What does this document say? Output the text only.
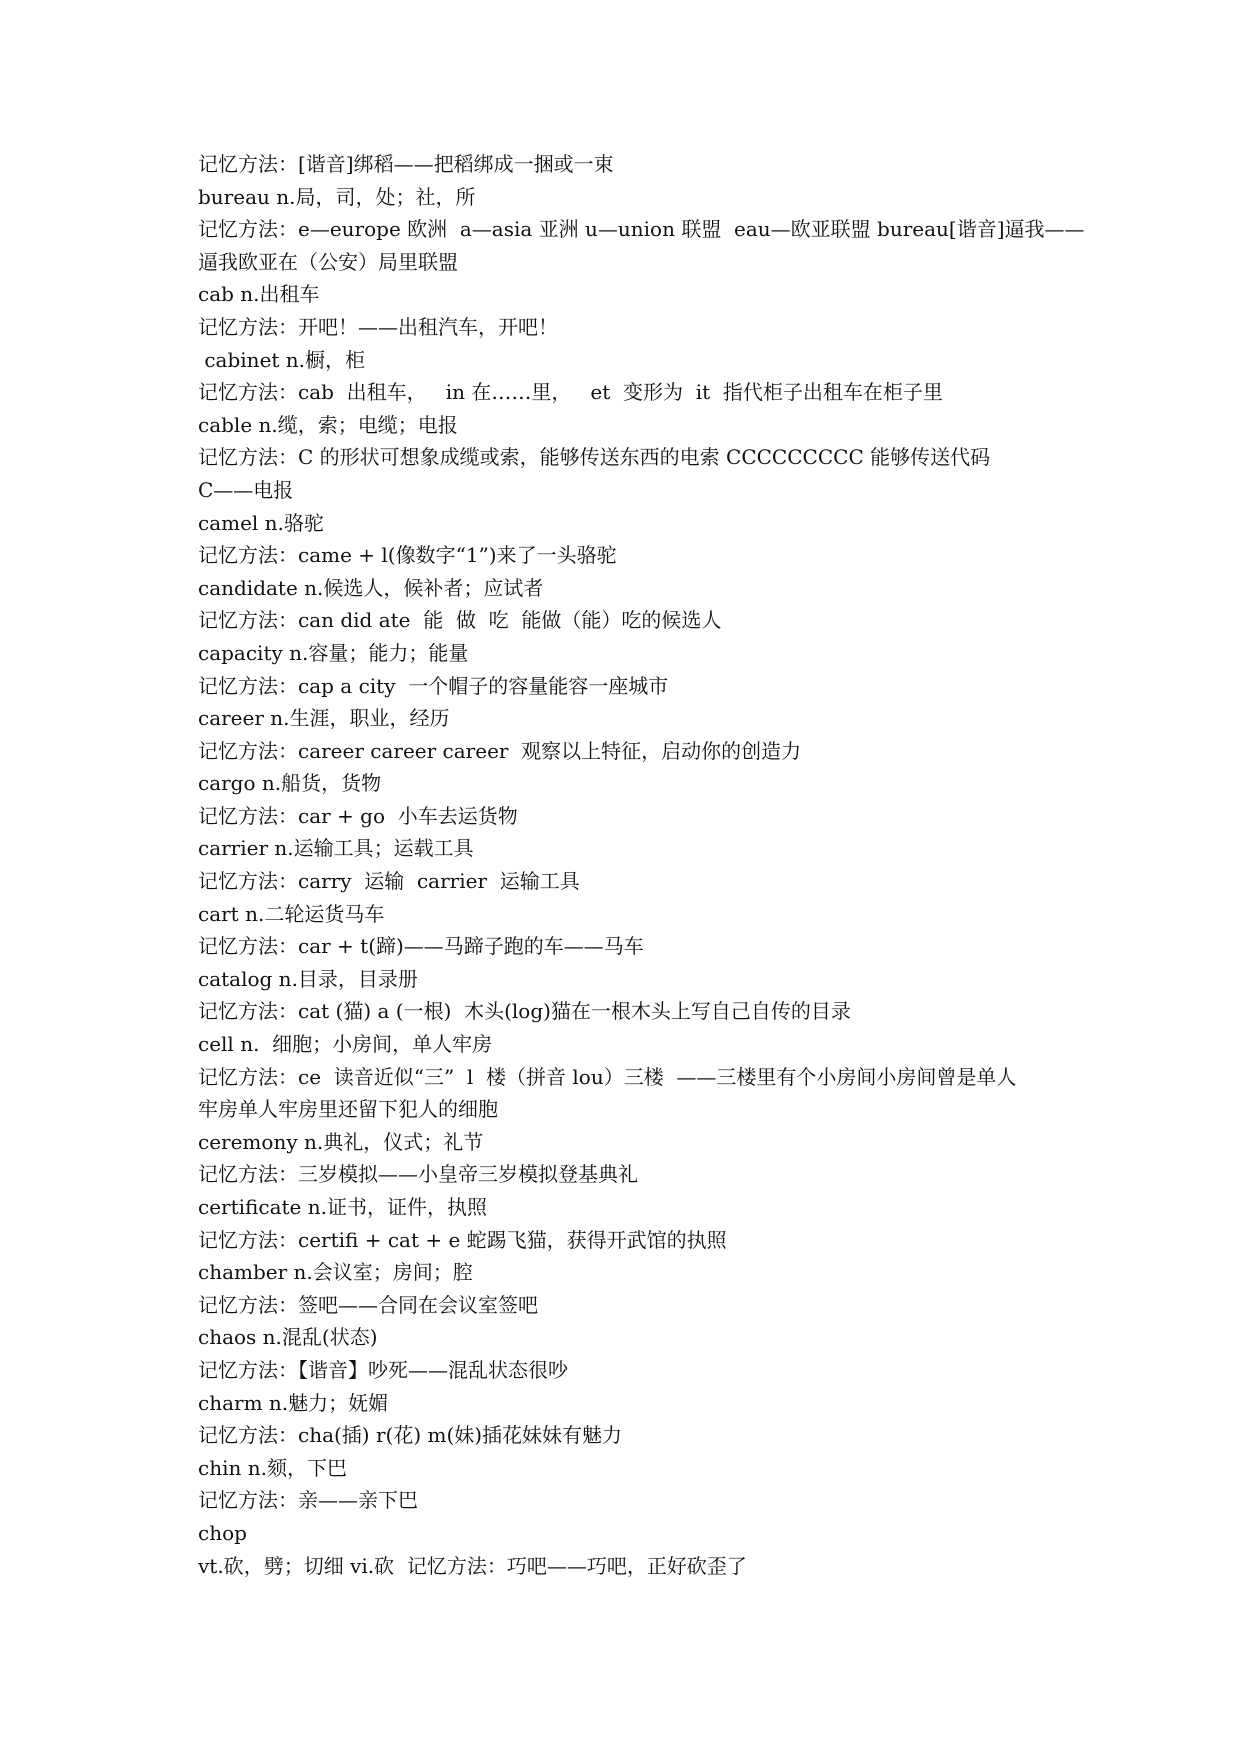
记忆方法：[谐音]绑稻——把稻绑成一捆或一束

bureau n.局，司，处；社，所

记忆方法：e—europe 欧洲  a—asia 亚洲 u—union 联盟  eau—欧亚联盟 bureau[谐音]逼我——

逼我欧亚在（公安）局里联盟

cab n.出租车

记忆方法：开吧！——出租汽车，开吧！

cabinet n.橱，柜

记忆方法：cab  出租车，   in 在……里，   et  变形为  it  指代柜子出租车在柜子里

cable n.缆，索；电缆；电报

记忆方法：C 的形状可想象成缆或索，能够传送东西的电索 CCCCCCCCC 能够传送代码

C——电报

camel n.骆驼

记忆方法：came + l(像数字“1”)来了一头骆驼

candidate n.候选人，候补者；应试者

记忆方法：can did ate  能  做  吃  能做（能）吃的候选人

capacity n.容量；能力；能量

记忆方法：cap a city  一个帽子的容量能容一座城市

career n.生涯，职业，经历

记忆方法：career career career  观察以上特征，启动你的创造力

cargo n.船货，货物

记忆方法：car + go  小车去运货物

carrier n.运输工具；运载工具

记忆方法：carry  运输  carrier  运输工具

cart n.二轮运货马车

记忆方法：car + t(蹄)——马蹄子跑的车——马车

catalog n.目录，目录册

记忆方法：cat (猫) a (一根)  木头(log)猫在一根木头上写自己自传的目录

cell n.  细胞；小房间，单人牢房

记忆方法：ce  读音近似“三”  l  楼（拼音 lou）三楼  ——三楼里有个小房间小房间曾是单人

牢房单人牢房里还留下犯人的细胞

ceremony n.典礼，仪式；礼节

记忆方法：三岁模拟——小皇帝三岁模拟登基典礼

certificate n.证书，证件，执照

记忆方法：certifi + cat + e 蛇踢飞猫，获得开武馆的执照

chamber n.会议室；房间；腔

记忆方法：签吧——合同在会议室签吧

chaos n.混乱(状态)

记忆方法：【谐音】吵死——混乱状态很吵

charm n.魅力；妩媚

记忆方法：cha(插) r(花) m(妹)插花妹妹有魅力

chin n.颏，下巴

记忆方法：亲——亲下巴

chop

vt.砍，劈；切细 vi.砍  记忆方法：巧吧——巧吧，正好砍歪了
